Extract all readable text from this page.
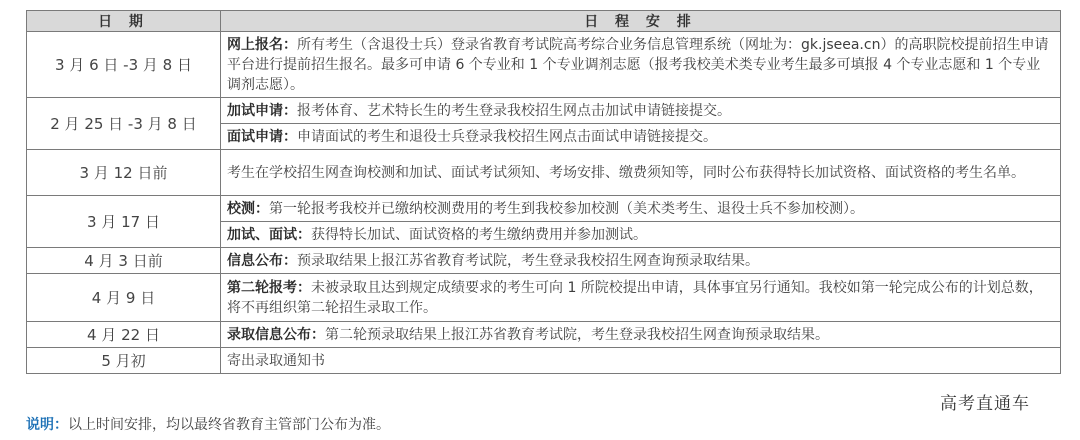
日 期	日 程 安 排
3 月 6 日 -3 月 8 日	网上报名：所有考生（含退役士兵）登录省教育考试院高考综合业务信息管理系统（网址为：gk.jseea.cn）的高职院校提前招生申请平台进行提前招生报名。最多可申请 6 个专业和 1 个专业调剂志愿（报考我校美术类专业考生最多可填报 4 个专业志愿和 1 个专业调剂志愿）。
2 月 25 日 -3 月 8 日	加试申请：报考体育、艺术特长生的考生登录我校招生网点击加试申请链接提交。
	面试申请：申请面试的考生和退役士兵登录我校招生网点击面试申请链接提交。
3 月 12 日前	考生在学校招生网查询校测和加试、面试考试须知、考场安排、缴费须知等，同时公布获得特长加试资格、面试资格的考生名单。
3 月 17 日	校测：第一轮报考我校并已缴纳校测费用的考生到我校参加校测（美术类考生、退役士兵不参加校测）。
	加试、面试：获得特长加试、面试资格的考生缴纳费用并参加测试。
4 月 3 日前	信息公布：预录取结果上报江苏省教育考试院，考生登录我校招生网查询预录取结果。
4 月 9 日	第二轮报考：未被录取且达到规定成绩要求的考生可向 1 所院校提出申请，具体事宜另行通知。我校如第一轮完成公布的计划总数，将不再组织第二轮招生录取工作。
4 月 22 日	录取信息公布：第二轮预录取结果上报江苏省教育考试院，考生登录我校招生网查询预录取结果。
5 月初	寄出录取通知书
说明：以上时间安排，均以最终省教育主管部门公布为准。
高考直通车
